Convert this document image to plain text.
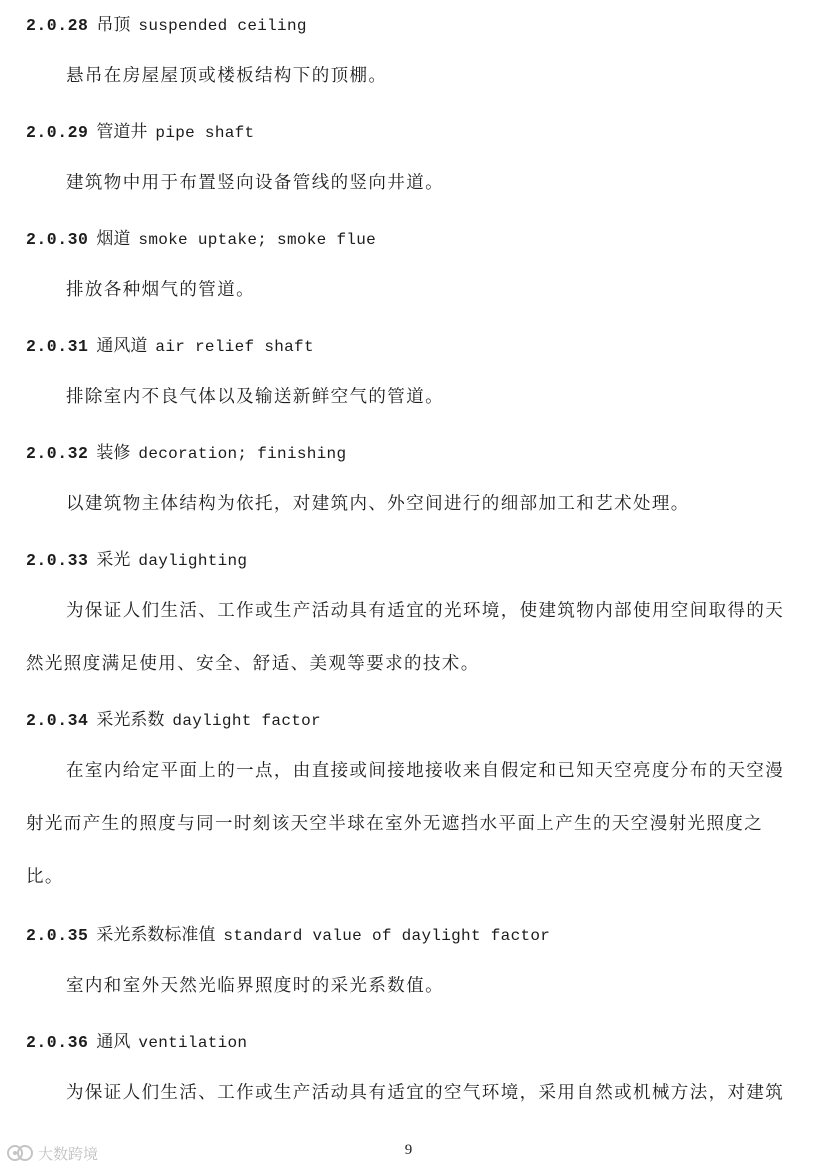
2.0.28 吊顶 suspended ceiling

悬吊在房屋屋顶或楼板结构下的顶棚。

2.0.29 管道井 pipe shaft

建筑物中用于布置竖向设备管线的竖向井道。

2.0.30 烟道 smoke uptake; smoke flue

排放各种烟气的管道。

2.0.31 通风道 air relief shaft

排除室内不良气体以及输送新鲜空气的管道。

2.0.32 装修 decoration; finishing

以建筑物主体结构为依托，对建筑内、外空间进行的细部加工和艺术处理。

2.0.33 采光 daylighting

为保证人们生活、工作或生产活动具有适宜的光环境，使建筑物内部使用空间取得的天然光照度满足使用、安全、舒适、美观等要求的技术。

2.0.34 采光系数 daylight factor

在室内给定平面上的一点，由直接或间接地接收来自假定和已知天空亮度分布的天空漫射光而产生的照度与同一时刻该天空半球在室外无遮挡水平面上产生的天空漫射光照度之比。

2.0.35 采光系数标准值 standard value of daylight factor

室内和室外天然光临界照度时的采光系数值。

2.0.36 通风 ventilation

为保证人们生活、工作或生产活动具有适宜的空气环境，采用自然或机械方法，对建筑

9
大数跨境
